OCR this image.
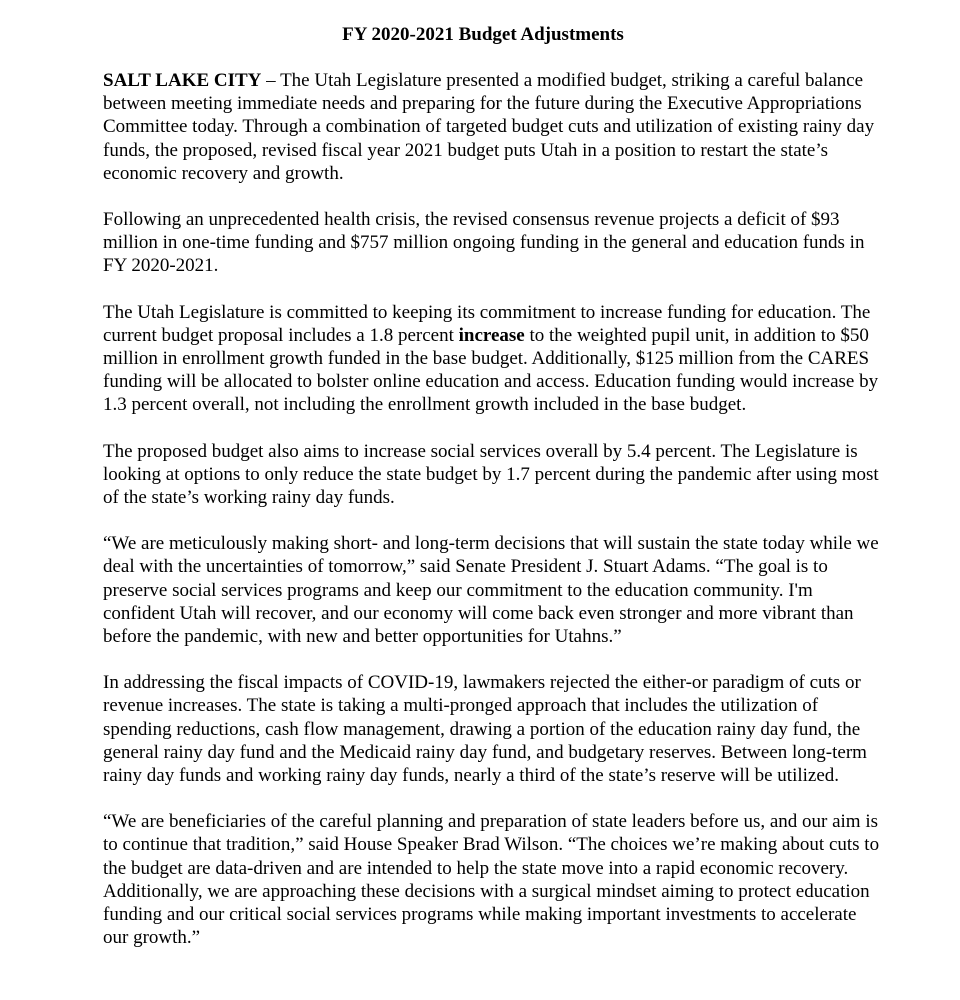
FY 2020-2021 Budget Adjustments

SALT LAKE CITY – The Utah Legislature presented a modified budget, striking a careful balance between meeting immediate needs and preparing for the future during the Executive Appropriations Committee today. Through a combination of targeted budget cuts and utilization of existing rainy day funds, the proposed, revised fiscal year 2021 budget puts Utah in a position to restart the state’s economic recovery and growth.

Following an unprecedented health crisis, the revised consensus revenue projects a deficit of $93 million in one-time funding and $757 million ongoing funding in the general and education funds in FY 2020-2021.

The Utah Legislature is committed to keeping its commitment to increase funding for education. The current budget proposal includes a 1.8 percent increase to the weighted pupil unit, in addition to $50 million in enrollment growth funded in the base budget. Additionally, $125 million from the CARES funding will be allocated to bolster online education and access. Education funding would increase by 1.3 percent overall, not including the enrollment growth included in the base budget.

The proposed budget also aims to increase social services overall by 5.4 percent. The Legislature is looking at options to only reduce the state budget by 1.7 percent during the pandemic after using most of the state’s working rainy day funds.

“We are meticulously making short- and long-term decisions that will sustain the state today while we deal with the uncertainties of tomorrow,” said Senate President J. Stuart Adams. “The goal is to preserve social services programs and keep our commitment to the education community. I'm confident Utah will recover, and our economy will come back even stronger and more vibrant than before the pandemic, with new and better opportunities for Utahns.”

In addressing the fiscal impacts of COVID-19, lawmakers rejected the either-or paradigm of cuts or revenue increases. The state is taking a multi-pronged approach that includes the utilization of spending reductions, cash flow management, drawing a portion of the education rainy day fund, the general rainy day fund and the Medicaid rainy day fund, and budgetary reserves. Between long-term rainy day funds and working rainy day funds, nearly a third of the state’s reserve will be utilized.

“We are beneficiaries of the careful planning and preparation of state leaders before us, and our aim is to continue that tradition,” said House Speaker Brad Wilson. “The choices we’re making about cuts to the budget are data-driven and are intended to help the state move into a rapid economic recovery. Additionally, we are approaching these decisions with a surgical mindset aiming to protect education funding and our critical social services programs while making important investments to accelerate our growth.”
